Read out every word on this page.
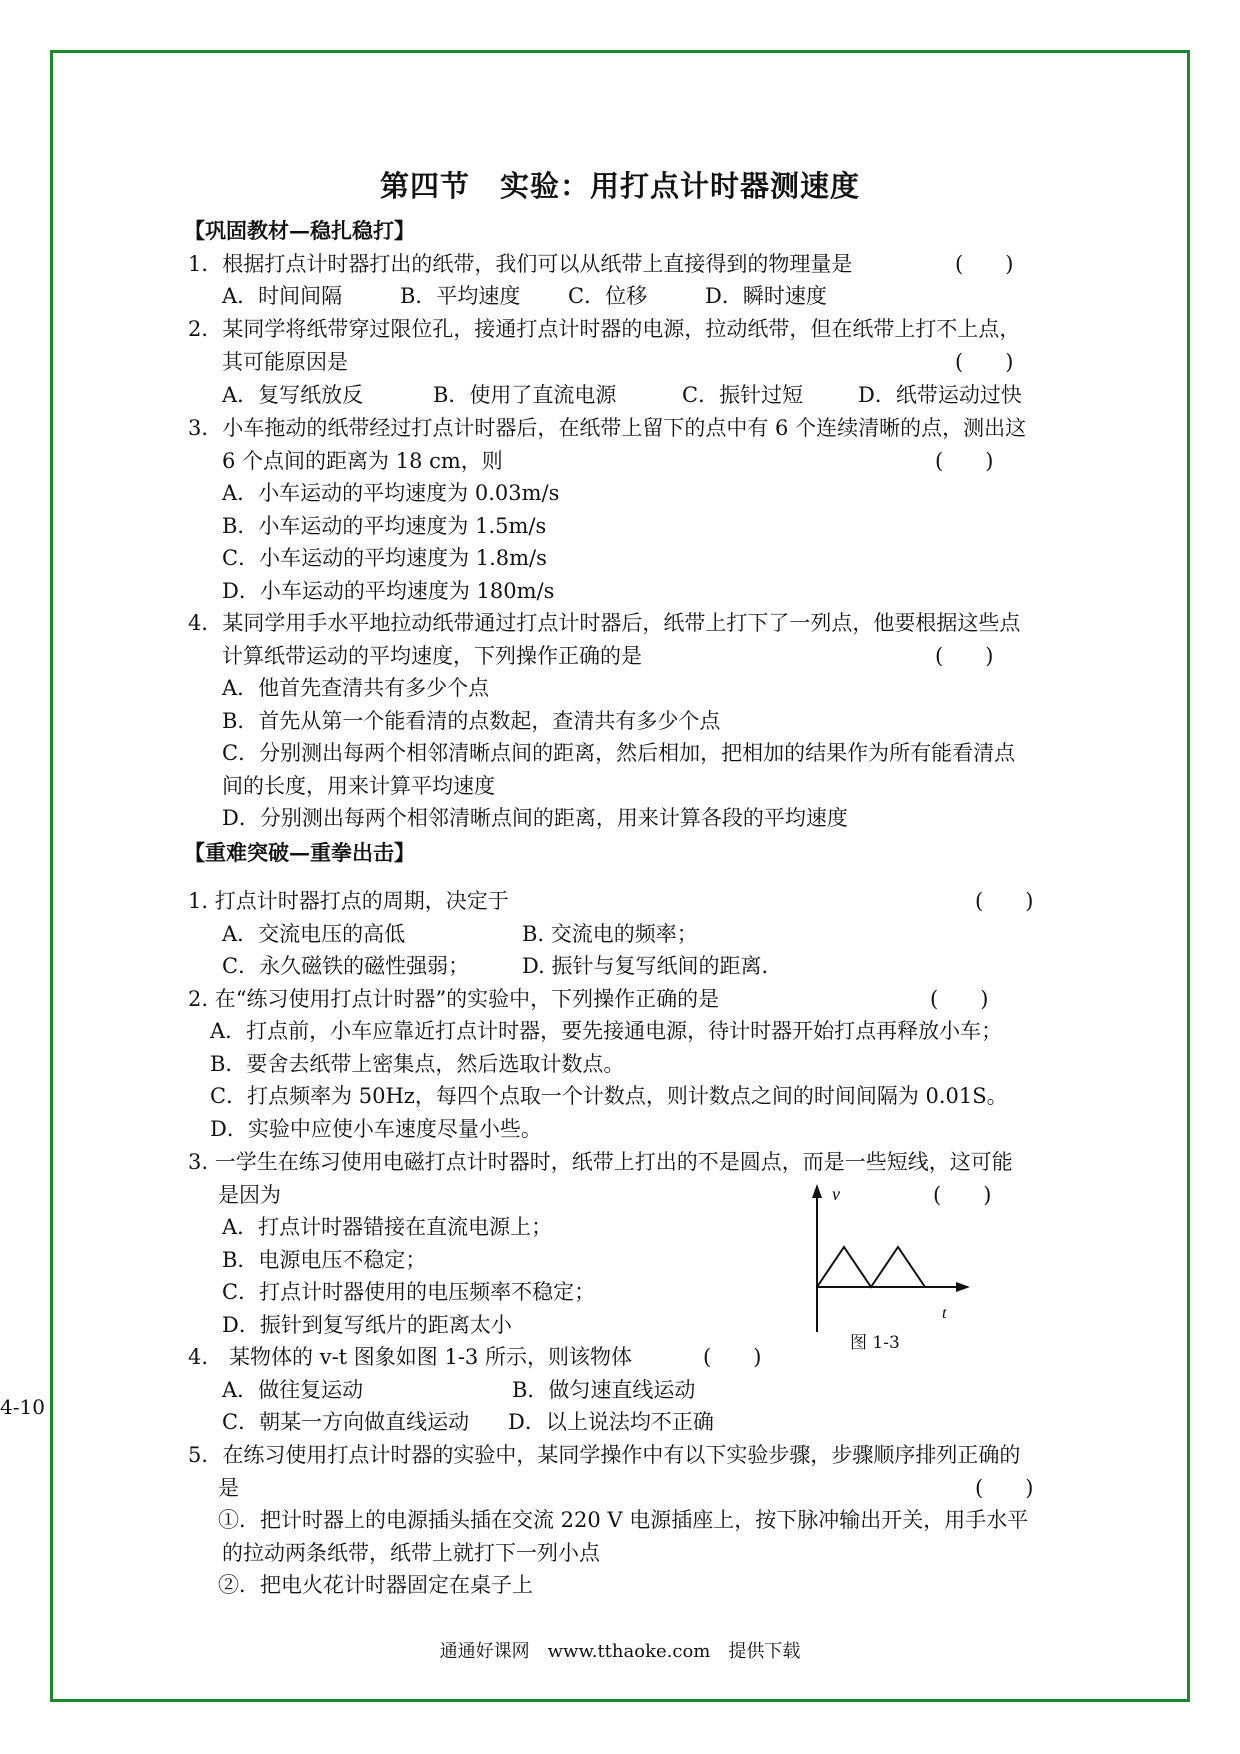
4-10
第四节　实验：用打点计时器测速度
【巩固教材—稳扎稳打】
1．根据打点计时器打出的纸带，我们可以从纸带上直接得到的物理量是	(　　)
A．时间间隔	B．平均速度 C．位移	D．瞬时速度
2．某同学将纸带穿过限位孔，接通打点计时器的电源，拉动纸带，但在纸带上打不上点，
其可能原因是	(　　)
A．复写纸放反	B．使用了直流电源	C．振针过短	D．纸带运动过快
3．小车拖动的纸带经过打点计时器后，在纸带上留下的点中有 6 个连续清晰的点，测出这
6 个点间的距离为 18 cm，则	(　　)
A．小车运动的平均速度为 0.03m/s
B．小车运动的平均速度为 1.5m/s
C．小车运动的平均速度为 1.8m/s
D．小车运动的平均速度为 180m/s
4．某同学用手水平地拉动纸带通过打点计时器后，纸带上打下了一列点，他要根据这些点
计算纸带运动的平均速度，下列操作正确的是	(　　)
A．他首先查清共有多少个点
B．首先从第一个能看清的点数起，查清共有多少个点
C．分别测出每两个相邻清晰点间的距离，然后相加，把相加的结果作为所有能看清点
间的长度，用来计算平均速度
D．分别测出每两个相邻清晰点间的距离，用来计算各段的平均速度
【重难突破—重拳出击】
1. 打点计时器打点的周期，决定于	(　　)
A．交流电压的高低	B. 交流电的频率；
C．永久磁铁的磁性强弱；	D. 振针与复写纸间的距离.
2. 在“练习使用打点计时器”的实验中，下列操作正确的是	(　　)
A．打点前，小车应靠近打点计时器，要先接通电源，待计时器开始打点再释放小车；
B．要舍去纸带上密集点，然后选取计数点。
C．打点频率为 50Hz，每四个点取一个计数点，则计数点之间的时间间隔为 0.01S。
D．实验中应使小车速度尽量小些。
3. 一学生在练习使用电磁打点计时器时，纸带上打出的不是圆点，而是一些短线，这可能
是因为	(　　)
A．打点计时器错接在直流电源上；
B．电源电压不稳定；
C．打点计时器使用的电压频率不稳定；
D．振针到复写纸片的距离太小
v
t
图 1-3
4.　某物体的 v-t 图象如图 1-3 所示，则该物体	(　　)
A．做往复运动	B．做匀速直线运动
C．朝某一方向做直线运动 D．以上说法均不正确
5．在练习使用打点计时器的实验中，某同学操作中有以下实验步骤，步骤顺序排列正确的
是	(　　)
①．把计时器上的电源插头插在交流 220 V 电源插座上，按下脉冲输出开关，用手水平
的拉动两条纸带，纸带上就打下一列小点
②．把电火花计时器固定在桌子上
通通好课网　www.tthaoke.com　提供下载
